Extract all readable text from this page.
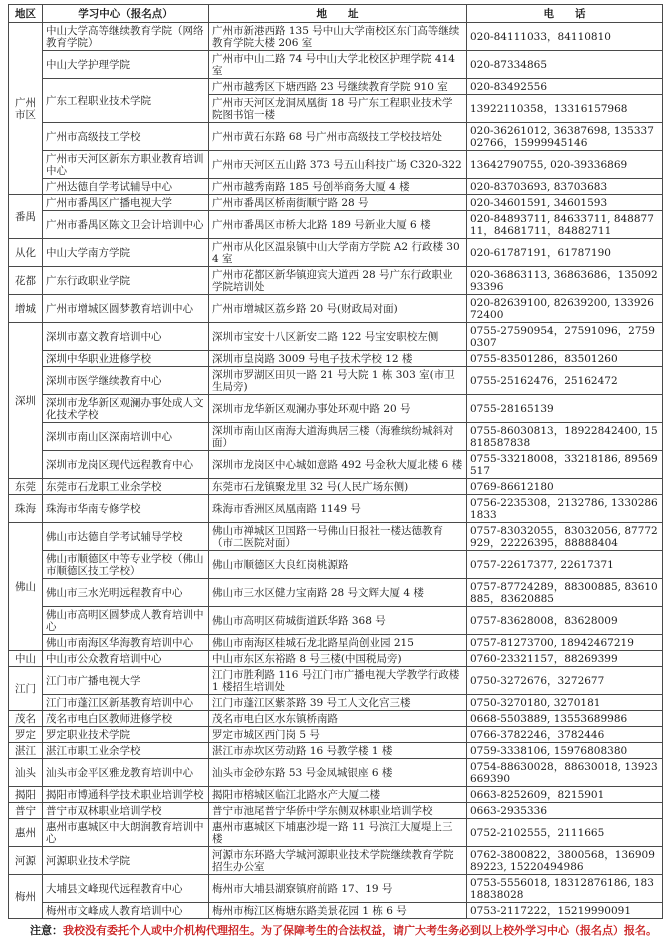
地区	学习中心（报名点）	地　　址	电　　话
广州市区	中山大学高等继续教育学院（网络教育学院）	广州市新港西路 135 号中山大学南校区东门高等继续教育学院大楼 206 室	020-84111033，84110810
	中山大学护理学院	广州市中山二路 74 号中山大学北校区护理学院 414 室	020-87334865
	广东工程职业技术学院	广州市越秀区下塘西路 23 号继续教育学院 910 室	020-83492556
		广州市天河区龙洞凤凰街 18 号广东工程职业技术学院图书馆一楼	13922110358，13316157968
	广州市高级技工学校	广州市黄石东路 68 号广州市高级技工学校技培处	020-36261012, 36387698, 13533702766，15999945146
	广州市天河区新东方职业教育培训中心	广州市天河区五山路 373 号五山科技广场 C320-322	13642790755, 020-39336869
	广州达德自学考试辅导中心	广州市越秀南路 185 号创举商务大厦 4 楼	020-83703693, 83703683
番禺	广州市番禺区广播电视大学	广州市番禺区桥南街顺宁路 28 号	020-34601591, 34601593
	广州市番禺区陈文卫会计培训中心	广州市番禺区市桥大北路 189 号新业大厦 6 楼	020-84893711, 84633711, 84887711，84681711，84882711
从化	中山大学南方学院	广州市从化区温泉镇中山大学南方学院 A2 行政楼 304 室	020-61787191，61787190
花都	广东行政职业学院	广州市花都区新华镇迎宾大道西 28 号广东行政职业学院培训处	020-36863113, 36863686，13509293396
增城	广州市增城区圆梦教育培训中心	广州市增城区荔乡路 20 号(财政局对面)	020-82639100, 82639200, 13392672400
深圳	深圳市嘉文教育培训中心	深圳市宝安十八区新安二路 122 号宝安职校左侧	0755-27590954，27591096，27590307
	深圳中华职业进修学校	深圳市皇岗路 3009 号电子技术学校 12 楼	0755-83501286，83501260
	深圳市医学继续教育中心	深圳市罗湖区田贝一路 21 号大院 1 栋 303 室(市卫生局旁)	0755-25162476，25162472
	深圳市龙华新区观澜办事处成人文化技术学校	深圳市龙华新区观澜办事处环观中路 20 号	0755-28165139
	深圳市南山区深南培训中心	深圳市南山区南海大道海典居三楼（海雅缤纷城斜对面）	0755-86030813，18922842400, 15818587838
	深圳市龙岗区现代远程教育中心	深圳市龙岗区中心城如意路 492 号金秋大厦北楼 6 楼	0755-33218008，33218186, 89569517
东莞	东莞市石龙职工业余学校	东莞市石龙镇聚龙里 32 号(人民广场东侧)	0769-86612180
珠海	珠海市华南专修学校	珠海市香洲区凤凰南路 1149 号	0756-2235308，2132786, 13302861833
佛山	佛山市达德自学考试辅导学校	佛山市禅城区卫国路一号佛山日报社一楼达德教育（市二医院对面）	0757-83032055，83032056, 87772929，22226395，88888404
	佛山市顺德区中等专业学校（佛山市顺德区技工学校）	佛山市顺德区大良红岗桃源路	0757-22617377, 22617371
	佛山市三水光明远程教育中心	佛山市三水区健力宝南路 28 号文辉大厦 4 楼	0757-87724289，88300885, 83610885，83620885
	佛山市高明区圆梦成人教育培训中心	佛山市高明区荷城街道跃华路 368 号	0757-83628008，83628009
	佛山市南海区华海教育培训中心	佛山市南海区桂城石龙北路星尚创业园 215	0757-81273700, 18942467219
中山	中山市公众教育培训中心	中山市东区东裕路 8 号三楼(中国税局旁)	0760-23321157，88269399
江门	江门市广播电视大学	江门市胜利路 116 号江门市广播电视大学教学行政楼 1 楼招生培训处	0750-3272676，3272677
	江门市蓬江区新基教育培训中心	江门市蓬江区紫茶路 39 号工人文化宫三楼	0750-3270180, 3270181
茂名	茂名市电白区教师进修学校	茂名市电白区水东镇桥南路	0668-5503889, 13553689986
罗定	罗定职业技术学院	罗定市城区西门岗 5 号	0766-3782246，3782446
湛江	湛江市职工业余学校	湛江市赤坎区劳动路 16 号教学楼 1 楼	0759-3338106, 15976808380
汕头	汕头市金平区雅龙教育培训中心	汕头市金砂东路 53 号金凤城银座 6 楼	0754-88630028，88630018, 13923669390
揭阳	揭阳市博通科学技术职业培训学校	揭阳市榕城区临江北路水产大厦二楼	0663-8252609，8215901
普宁	普宁市双林职业培训学校	普宁市池尾普宁华侨中学东侧双林职业培训学校	0663-2935336
惠州	惠州市惠城区中大朗润教育培训中心	惠州市惠城区下埔惠沙堤一路 11 号滨江大厦堤上三楼	0752-2102555，2111665
河源	河源职业技术学院	河源市东环路大学城河源职业技术学院继续教育学院招生办公室	0762-3800822，3800568，13690989223, 15220494986
梅州	大埔县文峰现代远程教育中心	梅州市大埔县湖寮镇府前路 17、19 号	0753-5556018, 18312876186, 18318838028
	梅州市文峰成人教育培训中心	梅州市梅江区梅塘东路美景花园 1 栋 6 号	0753-2117222，15219990091
注意：我校没有委托个人或中介机构代理招生。为了保障考生的合法权益，请广大考生务必到以上校外学习中心（报名点）报名。
